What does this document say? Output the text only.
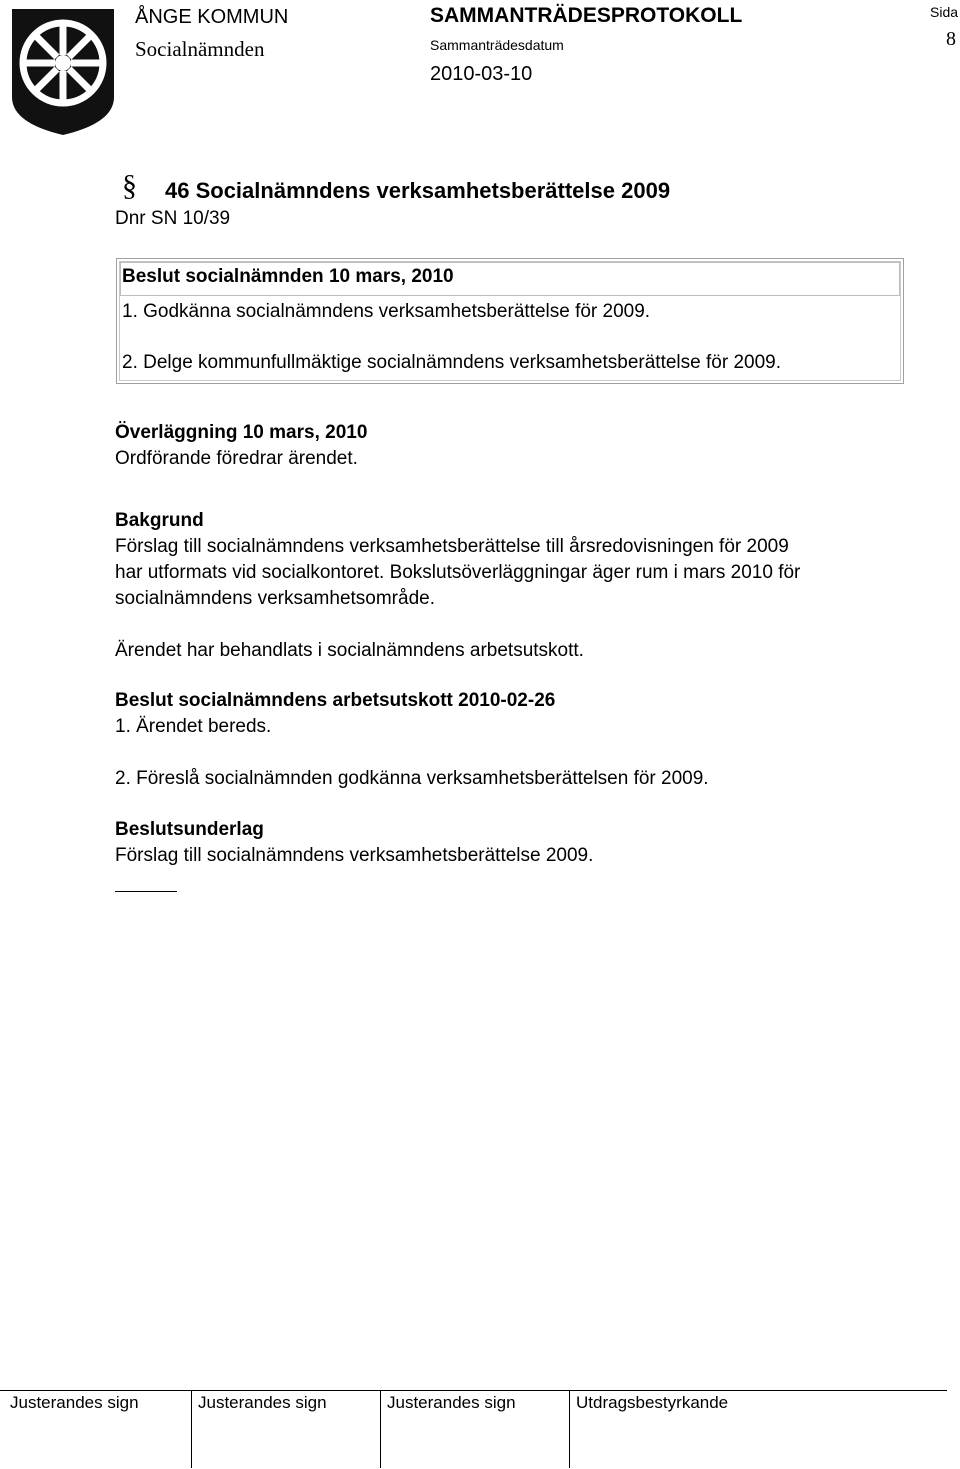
ÅNGE KOMMUN
Socialnämnden
SAMMANTRÄDESPROTOKOLL
Sammanträdesdatum
2010-03-10
Sida
8
§ 46 Socialnämndens verksamhetsberättelse 2009
Dnr SN 10/39
Beslut socialnämnden 10 mars, 2010
1. Godkänna socialnämndens verksamhetsberättelse för 2009.
2. Delge kommunfullmäktige socialnämndens verksamhetsberättelse för 2009.
Överläggning 10 mars, 2010
Ordförande föredrar ärendet.
Bakgrund
Förslag till socialnämndens verksamhetsberättelse till årsredovisningen för 2009
har utformats vid socialkontoret. Bokslutsöverläggningar äger rum i mars 2010 för
socialnämndens verksamhetsområde.
Ärendet har behandlats i socialnämndens arbetsutskott.
Beslut socialnämndens arbetsutskott 2010-02-26
1. Ärendet bereds.
2. Föreslå socialnämnden godkänna verksamhetsberättelsen för 2009.
Beslutsunderlag
Förslag till socialnämndens verksamhetsberättelse 2009.
Justerandes sign	Justerandes sign	Justerandes sign	Utdragsbestyrkande
